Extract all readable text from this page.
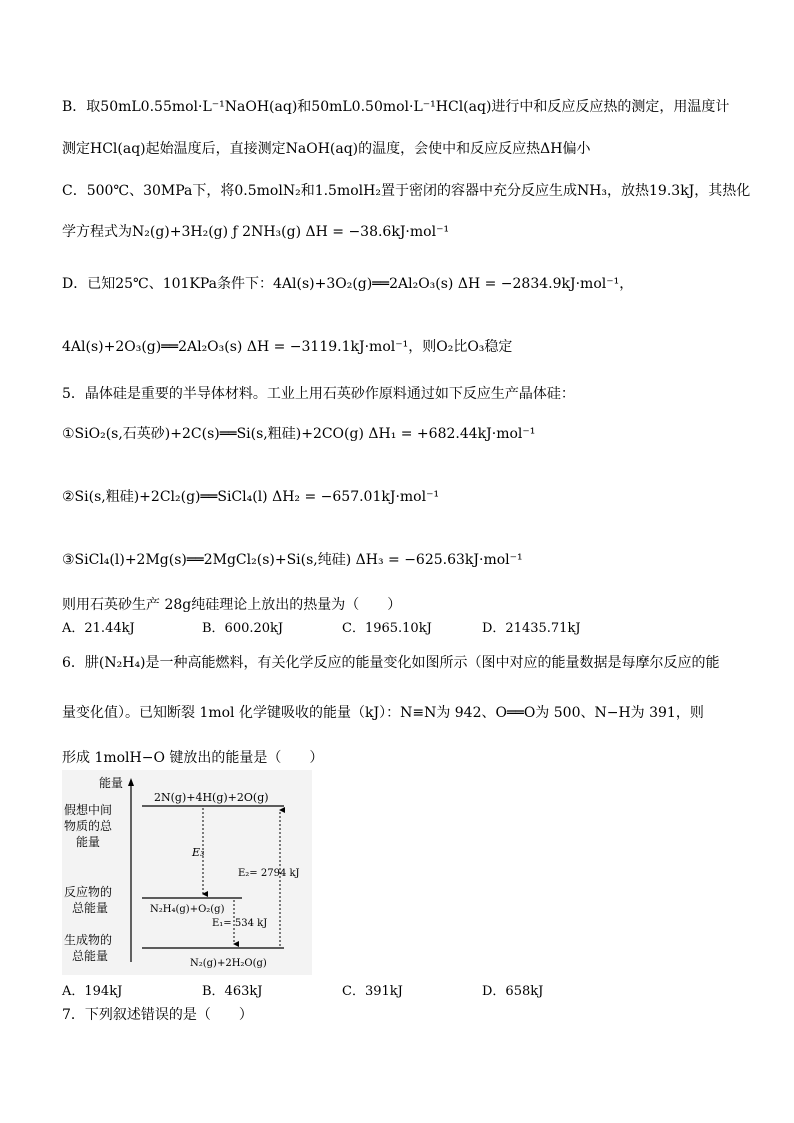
B．取50mL0.55mol·L⁻¹NaOH(aq)和50mL0.50mol·L⁻¹HCl(aq)进行中和反应反应热的测定，用温度计
测定HCl(aq)起始温度后，直接测定NaOH(aq)的温度，会使中和反应反应热ΔH偏小
C．500℃、30MPa下，将0.5molN₂和1.5molH₂置于密闭的容器中充分反应生成NH₃，放热19.3kJ，其热化
学方程式为N₂(g)+3H₂(g) ƒ 2NH₃(g) ΔH = −38.6kJ·mol⁻¹
D．已知25℃、101KPa条件下：4Al(s)+3O₂(g)══2Al₂O₃(s) ΔH = −2834.9kJ·mol⁻¹，
4Al(s)+2O₃(g)══2Al₂O₃(s) ΔH = −3119.1kJ·mol⁻¹，则O₂比O₃稳定
5．晶体硅是重要的半导体材料。工业上用石英砂作原料通过如下反应生产晶体硅：
①SiO₂(s,石英砂)+2C(s)══Si(s,粗硅)+2CO(g) ΔH₁ = +682.44kJ·mol⁻¹
②Si(s,粗硅)+2Cl₂(g)══SiCl₄(l) ΔH₂ = −657.01kJ·mol⁻¹
③SiCl₄(l)+2Mg(s)══2MgCl₂(s)+Si(s,纯硅) ΔH₃ = −625.63kJ·mol⁻¹
则用石英砂生产 28g纯硅理论上放出的热量为（　　）
A．21.44kJ	B．600.20kJ	C．1965.10kJ	D．21435.71kJ
6．肼(N₂H₄)是一种高能燃料，有关化学反应的能量变化如图所示（图中对应的能量数据是每摩尔反应的能
量变化值）。已知断裂 1mol 化学键吸收的能量（kJ）：N≡N为 942、O══O为 500、N−H为 391，则
形成 1molH−O 键放出的能量是（　　）
能量
假想中间
物质的总
能量
反应物的
总能量
生成物的
总能量
2N(g)+4H(g)+2O(g)
N₂H₄(g)+O₂(g)
N₂(g)+2H₂O(g)
E₃
E₂= 2794 kJ
E₁= 534 kJ
A．194kJ	B．463kJ	C．391kJ	D．658kJ
7．下列叙述错误的是（　　）
